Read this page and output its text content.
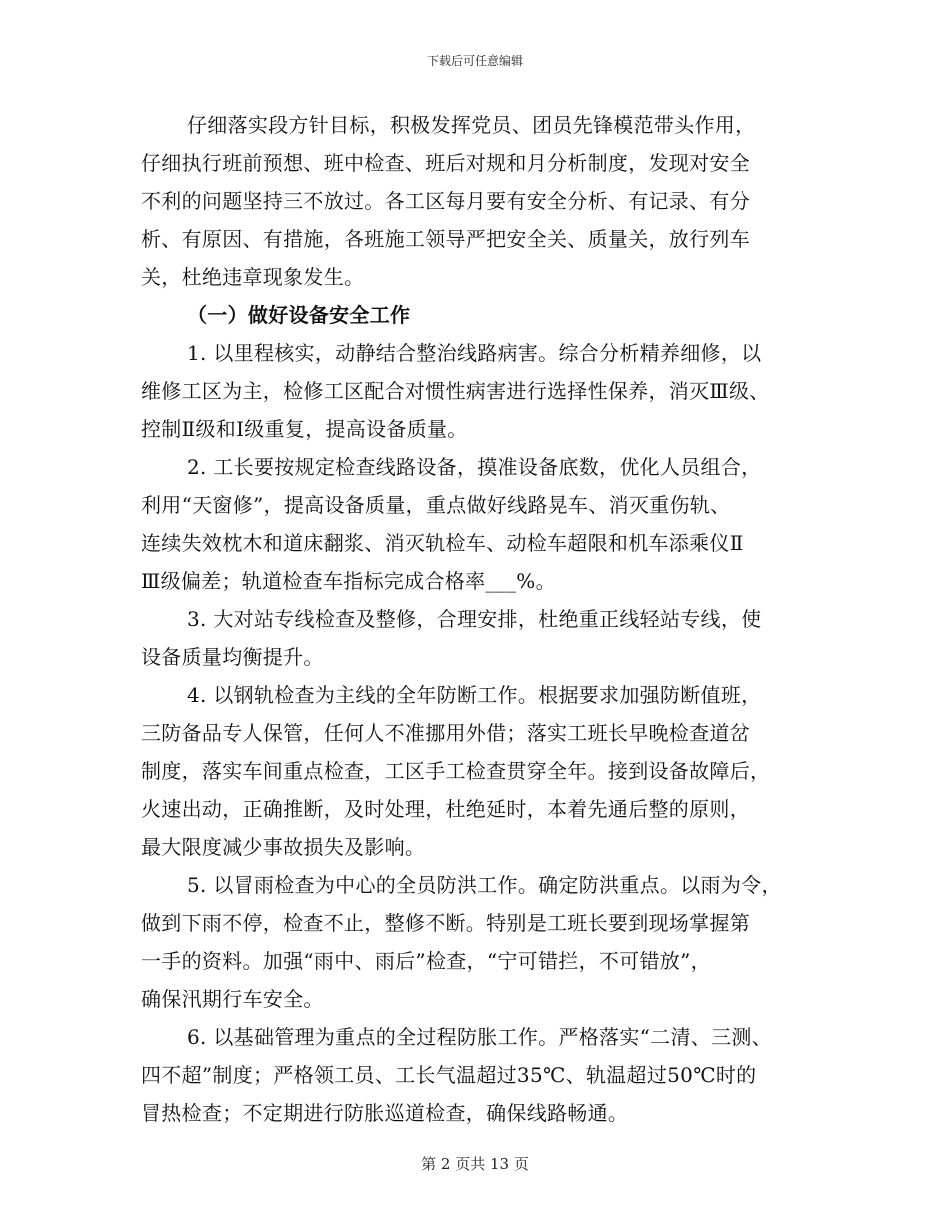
下载后可任意编辑
仔细落实段方针目标，积极发挥党员、团员先锋模范带头作用，
仔细执行班前预想、班中检查、班后对规和月分析制度，发现对安全
不利的问题坚持三不放过。各工区每月要有安全分析、有记录、有分
析、有原因、有措施，各班施工领导严把安全关、质量关，放行列车
关，杜绝违章现象发生。
（一）做好设备安全工作
1. 以里程核实，动静结合整治线路病害。综合分析精养细修，以
维修工区为主，检修工区配合对惯性病害进行选择性保养，消灭Ⅲ级、
控制Ⅱ级和Ⅰ级重复，提高设备质量。
2. 工长要按规定检查线路设备，摸准设备底数，优化人员组合，
利用“天窗修”，提高设备质量，重点做好线路晃车、消灭重伤轨、
连续失效枕木和道床翻浆、消灭轨检车、动检车超限和机车添乘仪Ⅱ
Ⅲ级偏差；轨道检查车指标完成合格率___%。
3. 大对站专线检查及整修，合理安排，杜绝重正线轻站专线，使
设备质量均衡提升。
4. 以钢轨检查为主线的全年防断工作。根据要求加强防断值班，
三防备品专人保管，任何人不准挪用外借；落实工班长早晚检查道岔
制度，落实车间重点检查，工区手工检查贯穿全年。接到设备故障后，
火速出动，正确推断，及时处理，杜绝延时，本着先通后整的原则，
最大限度减少事故损失及影响。
5. 以冒雨检查为中心的全员防洪工作。确定防洪重点。以雨为令，
做到下雨不停，检查不止，整修不断。特别是工班长要到现场掌握第
一手的资料。加强“雨中、雨后”检查，“宁可错拦，不可错放”，
确保汛期行车安全。
6. 以基础管理为重点的全过程防胀工作。严格落实“二清、三测、
四不超”制度；严格领工员、工长气温超过35℃、轨温超过50℃时的
冒热检查；不定期进行防胀巡道检查，确保线路畅通。
第 2 页共 13 页
